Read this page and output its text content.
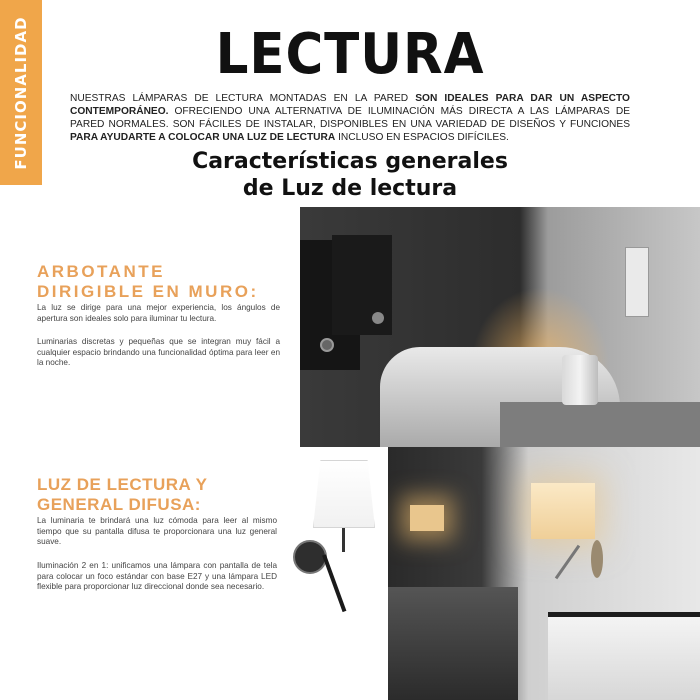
FUNCIONALIDAD	LECTURA

NUESTRAS LÁMPARAS DE LECTURA MONTADAS EN LA PARED SON IDEALES PARA DAR UN ASPECTO CONTEMPORÁNEO. OFRECIENDO UNA ALTERNATIVA DE ILUMINACIÓN MÁS DIRECTA A LAS LÁMPARAS DE PARED NORMALES. SON FÁCILES DE INSTALAR, DISPONIBLES EN UNA VARIEDAD DE DISEÑOS Y FUNCIONES PARA AYUDARTE A COLOCAR UNA LUZ DE LECTURA INCLUSO EN ESPACIOS DIFÍCILES.

Características generales
de Luz de lectura
ARBOTANTE DIRIGIBLE EN MURO:

La luz se dirige para una mejor experiencia, los ángulos de apertura son ideales solo para iluminar tu lectura.

Luminarias discretas y pequeñas que se integran muy fácil a cualquier espacio brindando una funcionalidad óptima para leer en la noche.

LUZ DE LECTURA Y GENERAL DIFUSA:

La luminaria te brindará una luz cómoda para leer al mismo tiempo que su pantalla difusa te proporcionara una luz general suave.

Iluminación 2 en 1: unificamos una lámpara con pantalla de tela para colocar un foco estándar con base E27 y una lámpara LED flexible para proporcionar luz direccional donde sea necesario.
